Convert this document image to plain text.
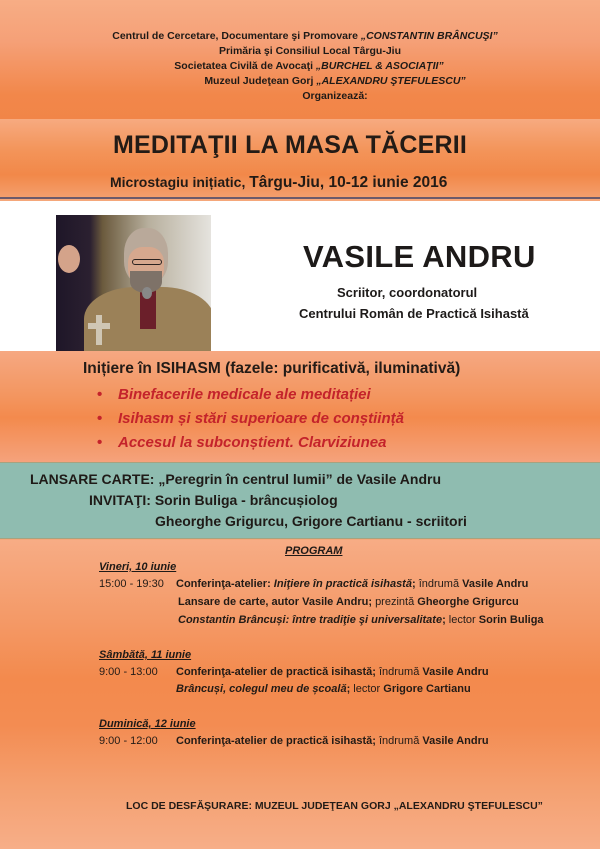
Centrul de Cercetare, Documentare şi Promovare „CONSTANTIN BRÂNCUŞI”
Primăria şi Consiliul Local Târgu-Jiu
Societatea Civilă de Avocaţi „BURCHEL & ASOCIAŢII”
Muzeul Judeţean Gorj „ALEXANDRU ŞTEFULESCU”
Organizează:
MEDITAŢII LA MASA TĂCERII
Microstagiu inițiatic, Târgu-Jiu, 10-12 iunie 2016
VASILE ANDRU
Scriitor, coordonatorul
Centrului Român de Practică Isihastă
Inițiere în ISIHASM (fazele: purificativă, iluminativă)
• Binefacerile medicale ale meditației
• Isihasm și stări superioare de conștiință
• Accesul la subconștient. Clarviziunea
LANSARE CARTE: „Peregrin în centrul lumii” de Vasile Andru
INVITAŢI: Sorin Buliga - brâncușiolog
Gheorghe Grigurcu, Grigore Cartianu - scriitori
PROGRAM
Vineri, 10 iunie
15:00 - 19:30 Conferinţa-atelier: Iniţiere în practică isihastă; îndrumă Vasile Andru
Lansare de carte, autor Vasile Andru; prezintă Gheorghe Grigurcu
Constantin Brâncuși: între tradiţie şi universalitate; lector Sorin Buliga
Sâmbătă, 11 iunie
9:00 - 13:00 Conferinţa-atelier de practică isihastă; îndrumă Vasile Andru
Brâncuși, colegul meu de școală; lector Grigore Cartianu
Duminică, 12 iunie
9:00 - 12:00 Conferinţa-atelier de practică isihastă; îndrumă Vasile Andru
LOC DE DESFĂŞURARE: MUZEUL JUDEŢEAN GORJ „ALEXANDRU ŞTEFULESCU”
